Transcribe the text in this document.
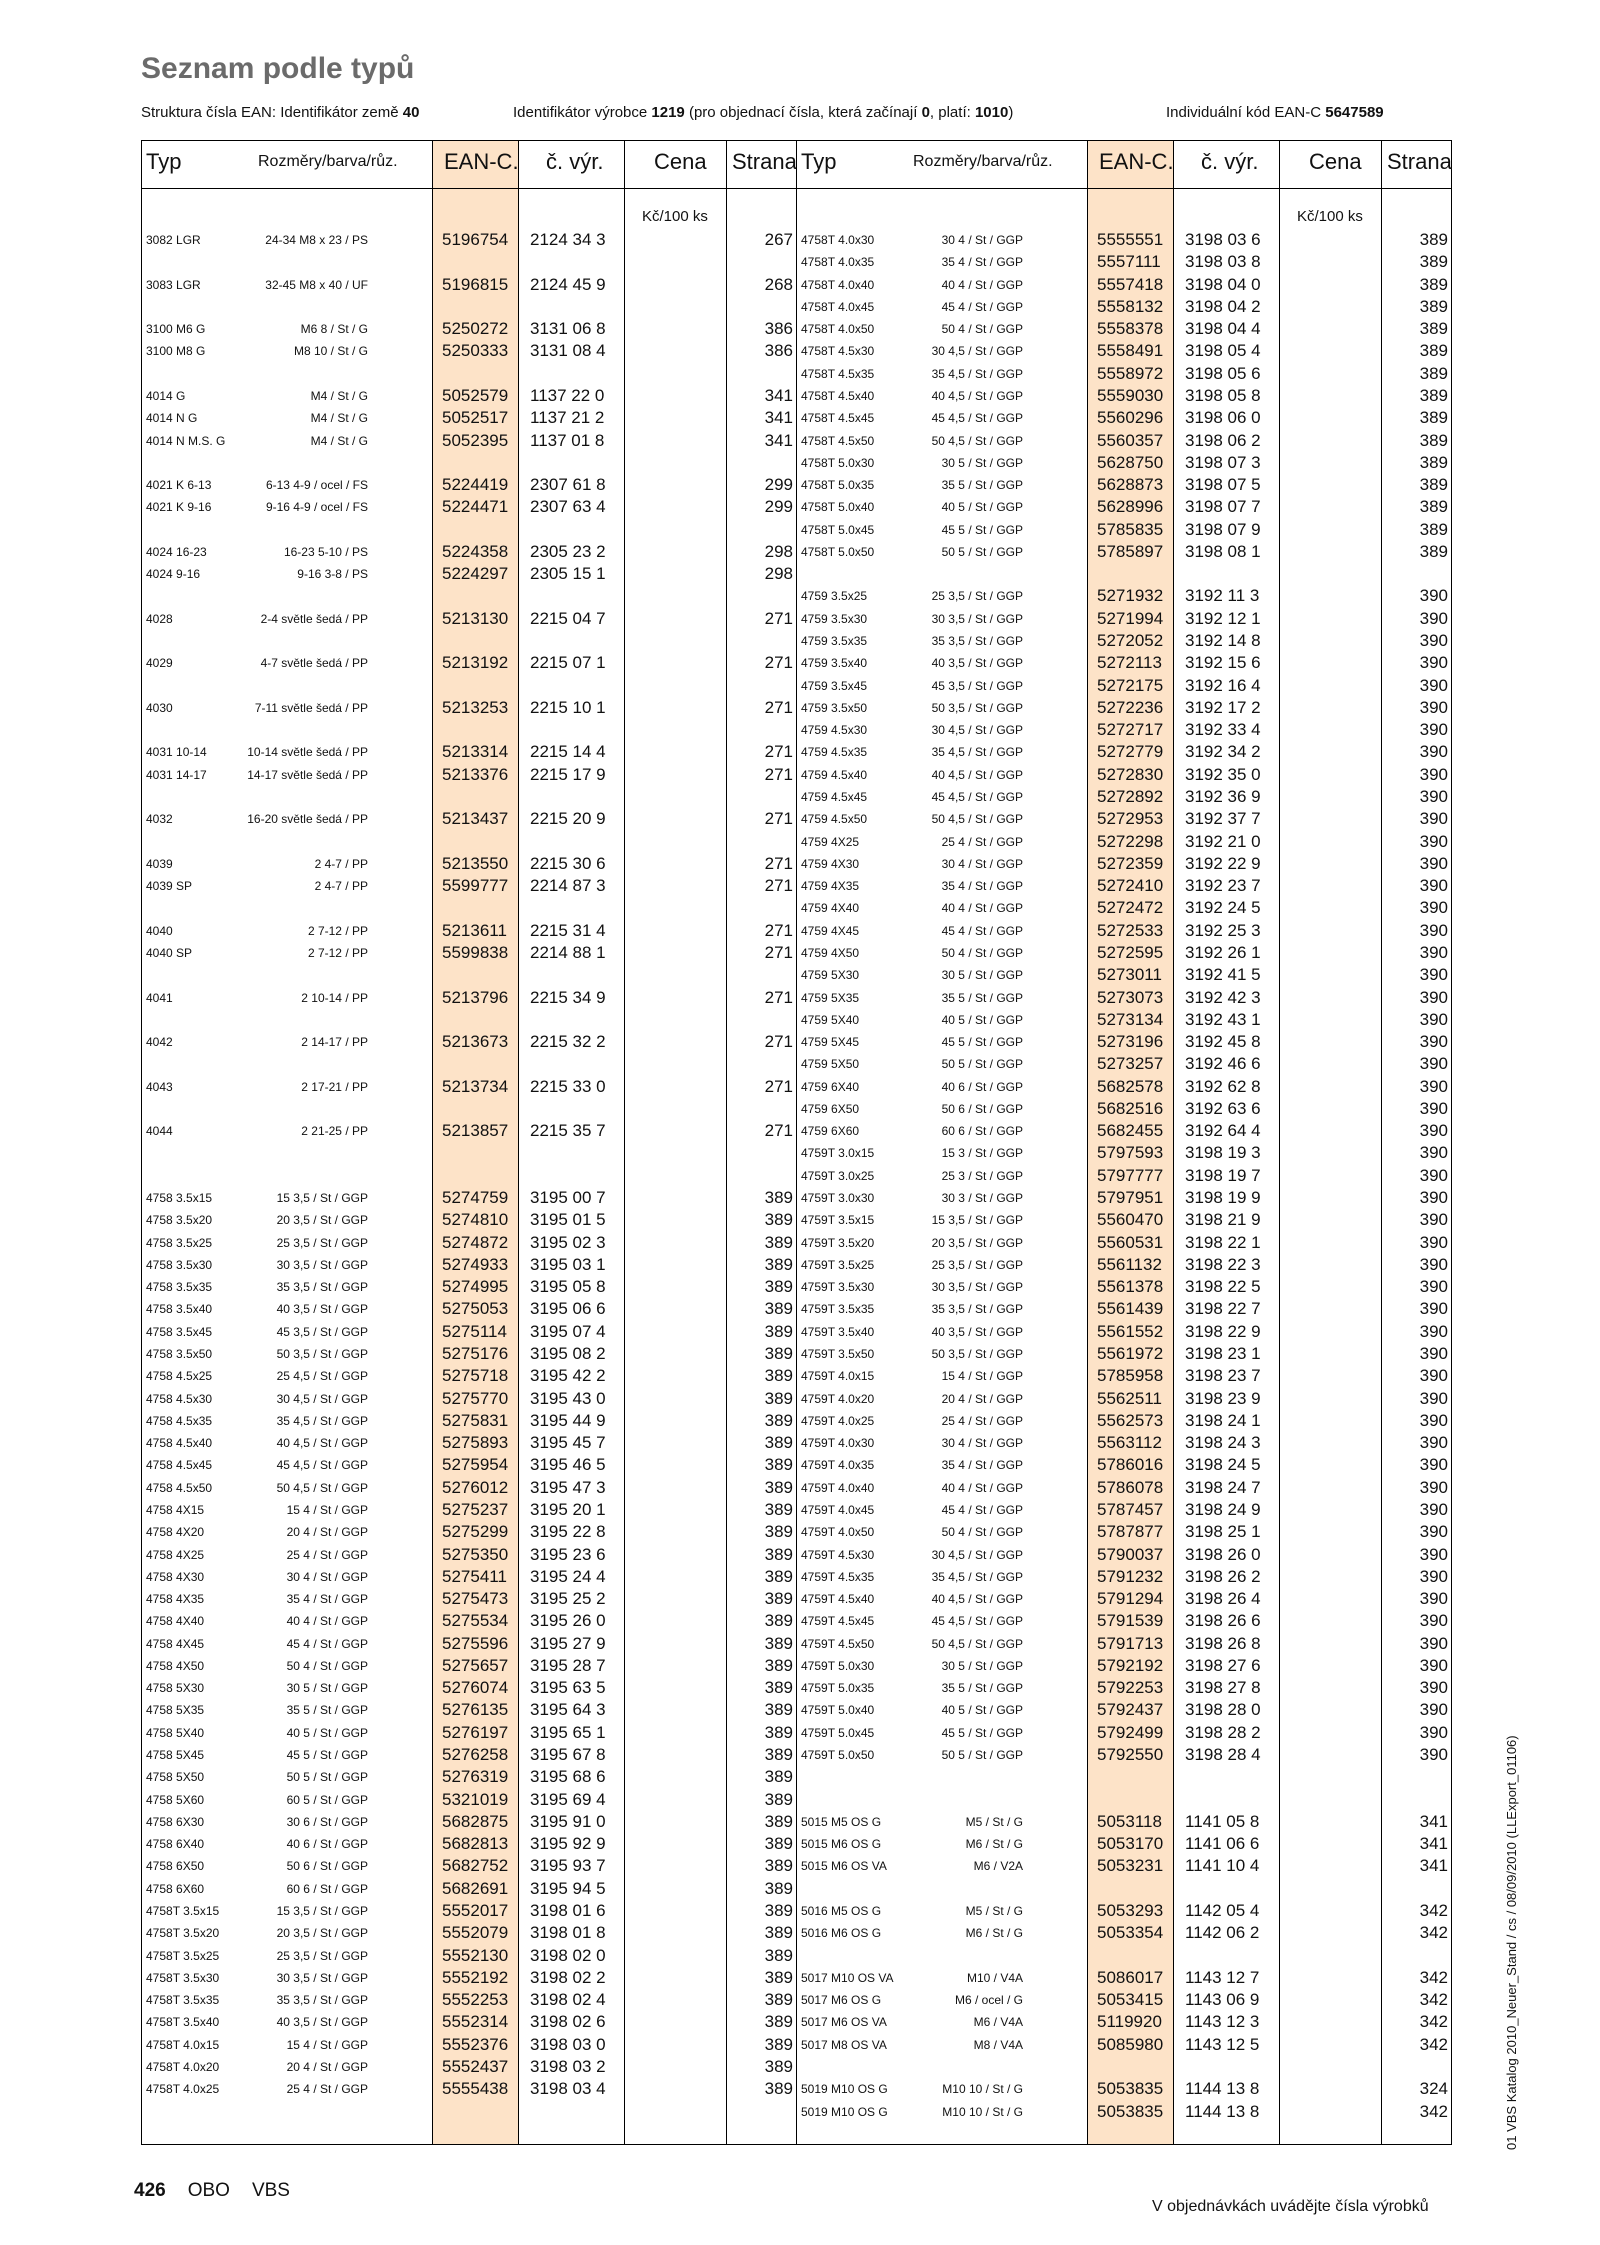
Seznam podle typů
Struktura čísla EAN: Identifikátor země 40	Identifikátor výrobce 1219 (pro objednací čísla, která začínají 0, platí: 1010)	Individuální kód EAN-C 5647589
Typ	Rozměry/barva/růz. EAN-C. č. výr. Cena Strana
Kč/100 ks
3082 LGR	24-34 M8 x 23 / PS	5196754 2124 34 3	267
3083 LGR	32-45 M8 x 40 / UF	5196815 2124 45 9	268
3100 M6 G	M6 8 / St / G	5250272 3131 06 8	386
3100 M8 G	M8 10 / St / G	5250333 3131 08 4	386
4014 G	M4 / St / G	5052579 1137 22 0	341
4014 N G	M4 / St / G	5052517 1137 21 2	341
4014 N M.S. G	M4 / St / G	5052395 1137 01 8	341
4021 K 6-13	6-13 4-9 / ocel / FS	5224419 2307 61 8	299
4021 K 9-16	9-16 4-9 / ocel / FS	5224471 2307 63 4	299
4024 16-23	16-23 5-10 / PS	5224358 2305 23 2	298
4024 9-16	9-16 3-8 / PS	5224297 2305 15 1	298
4028	2-4 světle šedá / PP	5213130 2215 04 7	271
4029	4-7 světle šedá / PP	5213192 2215 07 1	271
4030	7-11 světle šedá / PP	5213253 2215 10 1	271
4031 10-14	10-14 světle šedá / PP	5213314 2215 14 4	271
4031 14-17	14-17 světle šedá / PP	5213376 2215 17 9	271
4032	16-20 světle šedá / PP	5213437 2215 20 9	271
4039	2 4-7 / PP	5213550 2215 30 6	271
4039 SP	2 4-7 / PP	5599777 2214 87 3	271
4040	2 7-12 / PP	5213611 2215 31 4	271
4040 SP	2 7-12 / PP	5599838 2214 88 1	271
4041	2 10-14 / PP	5213796 2215 34 9	271
4042	2 14-17 / PP	5213673 2215 32 2	271
4043	2 17-21 / PP	5213734 2215 33 0	271
4044	2 21-25 / PP	5213857 2215 35 7	271
4758 3.5x15	15 3,5 / St / GGP	5274759 3195 00 7	389
4758 3.5x20	20 3,5 / St / GGP	5274810 3195 01 5	389
4758 3.5x25	25 3,5 / St / GGP	5274872 3195 02 3	389
4758 3.5x30	30 3,5 / St / GGP	5274933 3195 03 1	389
4758 3.5x35	35 3,5 / St / GGP	5274995 3195 05 8	389
4758 3.5x40	40 3,5 / St / GGP	5275053 3195 06 6	389
4758 3.5x45	45 3,5 / St / GGP	5275114 3195 07 4	389
4758 3.5x50	50 3,5 / St / GGP	5275176 3195 08 2	389
4758 4.5x25	25 4,5 / St / GGP	5275718 3195 42 2	389
4758 4.5x30	30 4,5 / St / GGP	5275770 3195 43 0	389
4758 4.5x35	35 4,5 / St / GGP	5275831 3195 44 9	389
4758 4.5x40	40 4,5 / St / GGP	5275893 3195 45 7	389
4758 4.5x45	45 4,5 / St / GGP	5275954 3195 46 5	389
4758 4.5x50	50 4,5 / St / GGP	5276012 3195 47 3	389
4758 4X15	15 4 / St / GGP	5275237 3195 20 1	389
4758 4X20	20 4 / St / GGP	5275299 3195 22 8	389
4758 4X25	25 4 / St / GGP	5275350 3195 23 6	389
4758 4X30	30 4 / St / GGP	5275411 3195 24 4	389
4758 4X35	35 4 / St / GGP	5275473 3195 25 2	389
4758 4X40	40 4 / St / GGP	5275534 3195 26 0	389
4758 4X45	45 4 / St / GGP	5275596 3195 27 9	389
4758 4X50	50 4 / St / GGP	5275657 3195 28 7	389
4758 5X30	30 5 / St / GGP	5276074 3195 63 5	389
4758 5X35	35 5 / St / GGP	5276135 3195 64 3	389
4758 5X40	40 5 / St / GGP	5276197 3195 65 1	389
4758 5X45	45 5 / St / GGP	5276258 3195 67 8	389
4758 5X50	50 5 / St / GGP	5276319 3195 68 6	389
4758 5X60	60 5 / St / GGP	5321019 3195 69 4	389
4758 6X30	30 6 / St / GGP	5682875 3195 91 0	389
4758 6X40	40 6 / St / GGP	5682813 3195 92 9	389
4758 6X50	50 6 / St / GGP	5682752 3195 93 7	389
4758 6X60	60 6 / St / GGP	5682691 3195 94 5	389
4758T 3.5x15	15 3,5 / St / GGP	5552017 3198 01 6	389
4758T 3.5x20	20 3,5 / St / GGP	5552079 3198 01 8	389
4758T 3.5x25	25 3,5 / St / GGP	5552130 3198 02 0	389
4758T 3.5x30	30 3,5 / St / GGP	5552192 3198 02 2	389
4758T 3.5x35	35 3,5 / St / GGP	5552253 3198 02 4	389
4758T 3.5x40	40 3,5 / St / GGP	5552314 3198 02 6	389
4758T 4.0x15	15 4 / St / GGP	5552376 3198 03 0	389
4758T 4.0x20	20 4 / St / GGP	5552437 3198 03 2	389
4758T 4.0x25	25 4 / St / GGP	5555438 3198 03 4	389
Typ	Rozměry/barva/růz. EAN-C. č. výr. Cena Strana
Kč/100 ks
4758T 4.0x30	30 4 / St / GGP	5555551 3198 03 6	389
4758T 4.0x35	35 4 / St / GGP	5557111 3198 03 8	389
4758T 4.0x40	40 4 / St / GGP	5557418 3198 04 0	389
4758T 4.0x45	45 4 / St / GGP	5558132 3198 04 2	389
4758T 4.0x50	50 4 / St / GGP	5558378 3198 04 4	389
4758T 4.5x30	30 4,5 / St / GGP	5558491 3198 05 4	389
4758T 4.5x35	35 4,5 / St / GGP	5558972 3198 05 6	389
4758T 4.5x40	40 4,5 / St / GGP	5559030 3198 05 8	389
4758T 4.5x45	45 4,5 / St / GGP	5560296 3198 06 0	389
4758T 4.5x50	50 4,5 / St / GGP	5560357 3198 06 2	389
4758T 5.0x30	30 5 / St / GGP	5628750 3198 07 3	389
4758T 5.0x35	35 5 / St / GGP	5628873 3198 07 5	389
4758T 5.0x40	40 5 / St / GGP	5628996 3198 07 7	389
4758T 5.0x45	45 5 / St / GGP	5785835 3198 07 9	389
4758T 5.0x50	50 5 / St / GGP	5785897 3198 08 1	389
4759 3.5x25	25 3,5 / St / GGP	5271932 3192 11 3	390
4759 3.5x30	30 3,5 / St / GGP	5271994 3192 12 1	390
4759 3.5x35	35 3,5 / St / GGP	5272052 3192 14 8	390
4759 3.5x40	40 3,5 / St / GGP	5272113 3192 15 6	390
4759 3.5x45	45 3,5 / St / GGP	5272175 3192 16 4	390
4759 3.5x50	50 3,5 / St / GGP	5272236 3192 17 2	390
4759 4.5x30	30 4,5 / St / GGP	5272717 3192 33 4	390
4759 4.5x35	35 4,5 / St / GGP	5272779 3192 34 2	390
4759 4.5x40	40 4,5 / St / GGP	5272830 3192 35 0	390
4759 4.5x45	45 4,5 / St / GGP	5272892 3192 36 9	390
4759 4.5x50	50 4,5 / St / GGP	5272953 3192 37 7	390
4759 4X25	25 4 / St / GGP	5272298 3192 21 0	390
4759 4X30	30 4 / St / GGP	5272359 3192 22 9	390
4759 4X35	35 4 / St / GGP	5272410 3192 23 7	390
4759 4X40	40 4 / St / GGP	5272472 3192 24 5	390
4759 4X45	45 4 / St / GGP	5272533 3192 25 3	390
4759 4X50	50 4 / St / GGP	5272595 3192 26 1	390
4759 5X30	30 5 / St / GGP	5273011 3192 41 5	390
4759 5X35	35 5 / St / GGP	5273073 3192 42 3	390
4759 5X40	40 5 / St / GGP	5273134 3192 43 1	390
4759 5X45	45 5 / St / GGP	5273196 3192 45 8	390
4759 5X50	50 5 / St / GGP	5273257 3192 46 6	390
4759 6X40	40 6 / St / GGP	5682578 3192 62 8	390
4759 6X50	50 6 / St / GGP	5682516 3192 63 6	390
4759 6X60	60 6 / St / GGP	5682455 3192 64 4	390
4759T 3.0x15	15 3 / St / GGP	5797593 3198 19 3	390
4759T 3.0x25	25 3 / St / GGP	5797777 3198 19 7	390
4759T 3.0x30	30 3 / St / GGP	5797951 3198 19 9	390
4759T 3.5x15	15 3,5 / St / GGP	5560470 3198 21 9	390
4759T 3.5x20	20 3,5 / St / GGP	5560531 3198 22 1	390
4759T 3.5x25	25 3,5 / St / GGP	5561132 3198 22 3	390
4759T 3.5x30	30 3,5 / St / GGP	5561378 3198 22 5	390
4759T 3.5x35	35 3,5 / St / GGP	5561439 3198 22 7	390
4759T 3.5x40	40 3,5 / St / GGP	5561552 3198 22 9	390
4759T 3.5x50	50 3,5 / St / GGP	5561972 3198 23 1	390
4759T 4.0x15	15 4 / St / GGP	5785958 3198 23 7	390
4759T 4.0x20	20 4 / St / GGP	5562511 3198 23 9	390
4759T 4.0x25	25 4 / St / GGP	5562573 3198 24 1	390
4759T 4.0x30	30 4 / St / GGP	5563112 3198 24 3	390
4759T 4.0x35	35 4 / St / GGP	5786016 3198 24 5	390
4759T 4.0x40	40 4 / St / GGP	5786078 3198 24 7	390
4759T 4.0x45	45 4 / St / GGP	5787457 3198 24 9	390
4759T 4.0x50	50 4 / St / GGP	5787877 3198 25 1	390
4759T 4.5x30	30 4,5 / St / GGP	5790037 3198 26 0	390
4759T 4.5x35	35 4,5 / St / GGP	5791232 3198 26 2	390
4759T 4.5x40	40 4,5 / St / GGP	5791294 3198 26 4	390
4759T 4.5x45	45 4,5 / St / GGP	5791539 3198 26 6	390
4759T 4.5x50	50 4,5 / St / GGP	5791713 3198 26 8	390
4759T 5.0x30	30 5 / St / GGP	5792192 3198 27 6	390
4759T 5.0x35	35 5 / St / GGP	5792253 3198 27 8	390
4759T 5.0x40	40 5 / St / GGP	5792437 3198 28 0	390
4759T 5.0x45	45 5 / St / GGP	5792499 3198 28 2	390
4759T 5.0x50	50 5 / St / GGP	5792550 3198 28 4	390
5015 M5 OS G	M5 / St / G	5053118 1141 05 8	341
5015 M6 OS G	M6 / St / G	5053170 1141 06 6	341
5015 M6 OS VA	M6 / V2A	5053231 1141 10 4	341
5016 M5 OS G	M5 / St / G	5053293 1142 05 4	342
5016 M6 OS G	M6 / St / G	5053354 1142 06 2	342
5017 M10 OS VA	M10 / V4A	5086017 1143 12 7	342
5017 M6 OS G	M6 / ocel / G	5053415 1143 06 9	342
5017 M6 OS VA	M6 / V4A	5119920 1143 12 3	342
5017 M8 OS VA	M8 / V4A	5085980 1143 12 5	342
5019 M10 OS G	M10 10 / St / G	5053835 1144 13 8	324
5019 M10 OS G	M10 10 / St / G	5053835 1144 13 8	342	01 VBS Katalog 2010_Neuer_Stand / cs / 08/09/2010 (LLExport_01106)
426 OBO VBS
V objednávkách uvádějte čísla výrobků
